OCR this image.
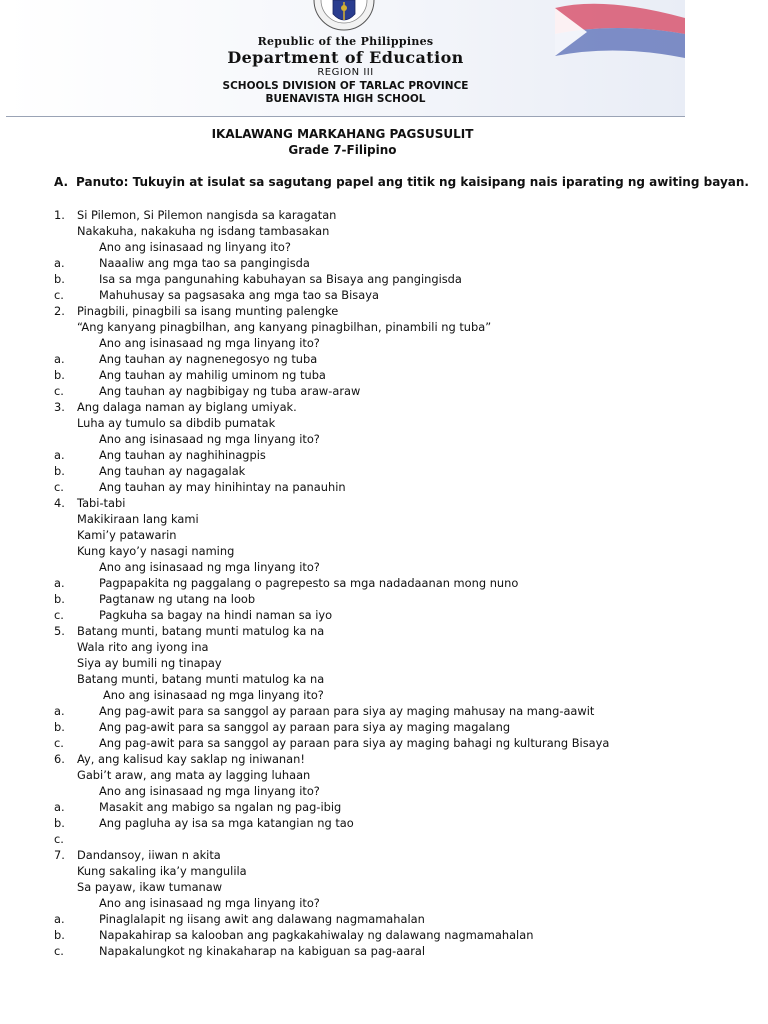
Republic of the Philippines
Department of Education
REGION III
SCHOOLS DIVISION OF TARLAC PROVINCE
BUENAVISTA HIGH SCHOOL
IKALAWANG MARKAHANG PAGSUSULIT
Grade 7-Filipino
A. Panuto: Tukuyin at isulat sa sagutang papel ang titik ng kaisipang nais iparating ng awiting bayan.
1. Si Pilemon, Si Pilemon nangisda sa karagatan
Nakakuha, nakakuha ng isdang tambasakan
Ano ang isinasaad ng linyang ito?
a.	Naaaliw ang mga tao sa pangingisda
b.	Isa sa mga pangunahing kabuhayan sa Bisaya ang pangingisda
c.	Mahuhusay sa pagsasaka ang mga tao sa Bisaya
2. Pinagbili, pinagbili sa isang munting palengke
“Ang kanyang pinagbilhan, ang kanyang pinagbilhan, pinambili ng tuba”
Ano ang isinasaad ng mga linyang ito?
a.	Ang tauhan ay nagnenegosyo ng tuba
b.	Ang tauhan ay mahilig uminom ng tuba
c.	Ang tauhan ay nagbibigay ng tuba araw-araw
3. Ang dalaga naman ay biglang umiyak.
Luha ay tumulo sa dibdib pumatak
Ano ang isinasaad ng mga linyang ito?
a.	Ang tauhan ay naghihinagpis
b.	Ang tauhan ay nagagalak
c.	Ang tauhan ay may hinihintay na panauhin
4. Tabi-tabi
Makikiraan lang kami
Kami’y patawarin
Kung kayo’y nasagi naming
Ano ang isinasaad ng mga linyang ito?
a.	Pagpapakita ng paggalang o pagrepesto sa mga nadadaanan mong nuno
b.	Pagtanaw ng utang na loob
c.	Pagkuha sa bagay na hindi naman sa iyo
5. Batang munti, batang munti matulog ka na
Wala rito ang iyong ina
Siya ay bumili ng tinapay
Batang munti, batang munti matulog ka na
Ano ang isinasaad ng mga linyang ito?
a.	Ang pag-awit para sa sanggol ay paraan para siya ay maging mahusay na mang-aawit
b.	Ang pag-awit para sa sanggol ay paraan para siya ay maging magalang
c.	Ang pag-awit para sa sanggol ay paraan para siya ay maging bahagi ng kulturang Bisaya
6. Ay, ang kalisud kay saklap ng iniwanan!
Gabi’t araw, ang mata ay lagging luhaan
Ano ang isinasaad ng mga linyang ito?
a.	Masakit ang mabigo sa ngalan ng pag-ibig
b.	Ang pagluha ay isa sa mga katangian ng tao
c.
7. Dandansoy, iiwan n akita
Kung sakaling ika’y mangulila
Sa payaw, ikaw tumanaw
Ano ang isinasaad ng mga linyang ito?
a.	Pinaglalapit ng iisang awit ang dalawang nagmamahalan
b.	Napakahirap sa kalooban ang pagkakahiwalay ng dalawang nagmamahalan
c.	Napakalungkot ng kinakaharap na kabiguan sa pag-aaral
